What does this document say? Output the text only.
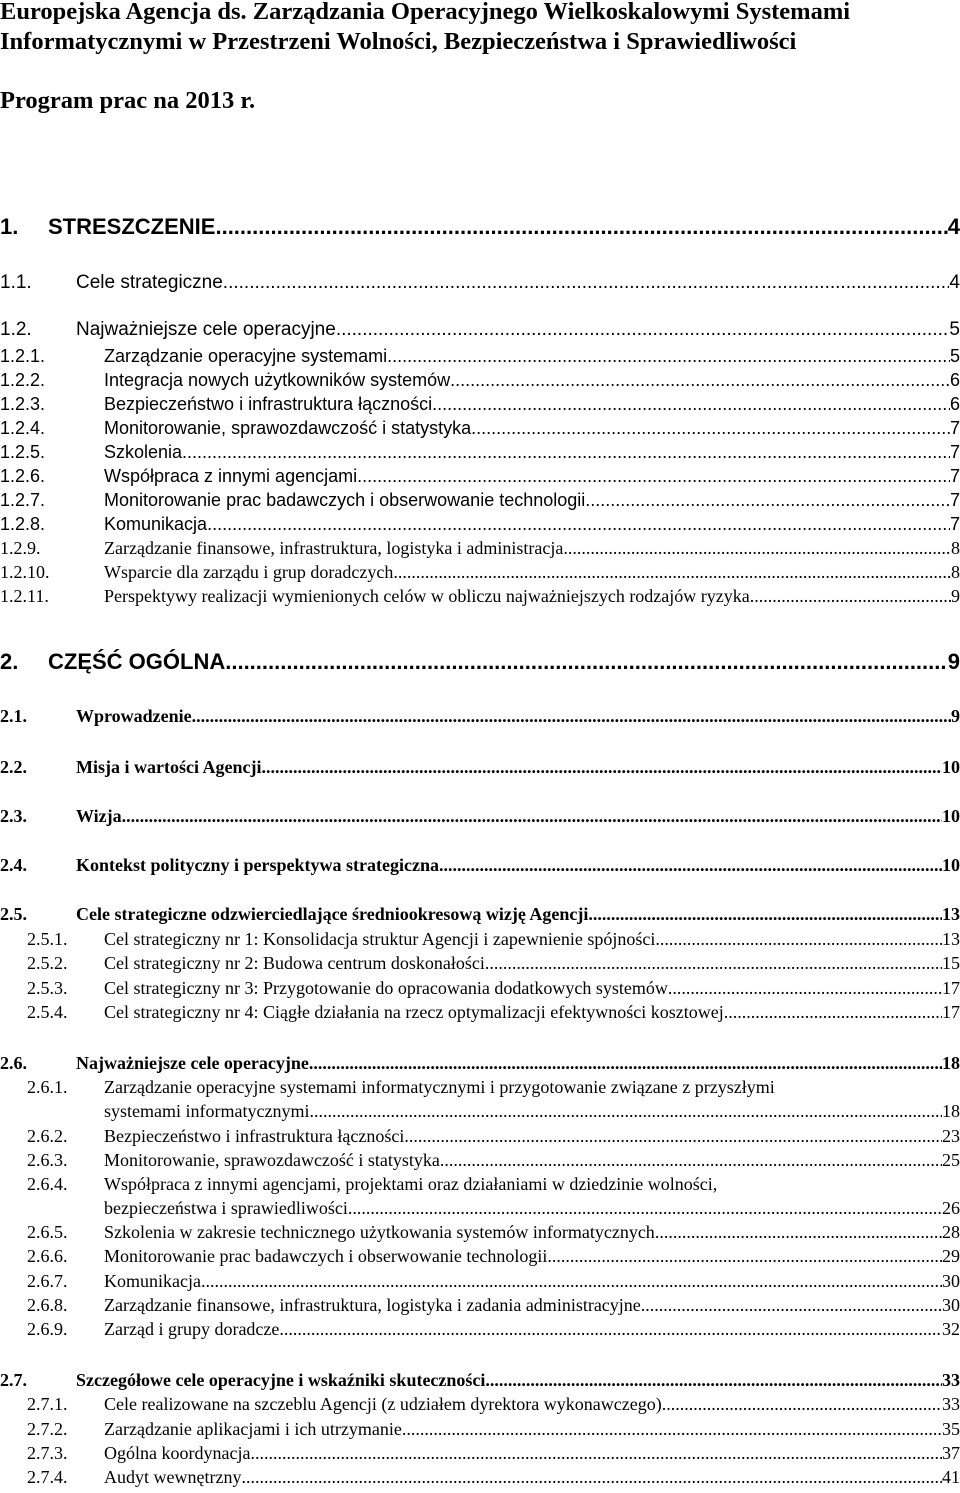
Europejska Agencja ds. Zarządzania Operacyjnego Wielkoskalowymi Systemami
Informatycznymi w Przestrzeni Wolności, Bezpieczeństwa i Sprawiedliwości
Program prac na 2013 r.
1.	STRESZCZENIE .....	4
1.1.	Cele strategiczne .....	4
1.2.	Najważniejsze cele operacyjne .....	5
1.2.1.	Zarządzanie operacyjne systemami .....	5
1.2.2.	Integracja nowych użytkowników systemów .....	6
1.2.3.	Bezpieczeństwo i infrastruktura łączności .....	6
1.2.4.	Monitorowanie, sprawozdawczość i statystyka .....	7
1.2.5.	Szkolenia .....	7
1.2.6.	Współpraca z innymi agencjami .....	7
1.2.7.	Monitorowanie prac badawczych i obserwowanie technologii .....	7
1.2.8.	Komunikacja .....	7
1.2.9.	Zarządzanie finansowe, infrastruktura, logistyka i administracja .....	8
1.2.10.	Wsparcie dla zarządu i grup doradczych .....	8
1.2.11.	Perspektywy realizacji wymienionych celów w obliczu najważniejszych rodzajów ryzyka .....	9
2.	CZĘŚĆ OGÓLNA .....	9
2.1.	Wprowadzenie .....	9
2.2.	Misja i wartości Agencji .....	10
2.3.	Wizja .....	10
2.4.	Kontekst polityczny i perspektywa strategiczna .....	10
2.5.	Cele strategiczne odzwierciedlające średniookresową wizję Agencji .....	13
2.5.1.	Cel strategiczny nr 1: Konsolidacja struktur Agencji i zapewnienie spójności .....	13
2.5.2.	Cel strategiczny nr 2: Budowa centrum doskonałości .....	15
2.5.3.	Cel strategiczny nr 3: Przygotowanie do opracowania dodatkowych systemów .....	17
2.5.4.	Cel strategiczny nr 4: Ciągłe działania na rzecz optymalizacji efektywności kosztowej .....	17
2.6.	Najważniejsze cele operacyjne .....	18
2.6.1.	Zarządzanie operacyjne systemami informatycznymi i przygotowanie związane z przyszłymi
systemami informatycznymi .....	18
2.6.2.	Bezpieczeństwo i infrastruktura łączności .....	23
2.6.3.	Monitorowanie, sprawozdawczość i statystyka .....	25
2.6.4.	Współpraca z innymi agencjami, projektami oraz działaniami w dziedzinie wolności,
bezpieczeństwa i sprawiedliwości .....	26
2.6.5.	Szkolenia w zakresie technicznego użytkowania systemów informatycznych .....	28
2.6.6.	Monitorowanie prac badawczych i obserwowanie technologii .....	29
2.6.7.	Komunikacja .....	30
2.6.8.	Zarządzanie finansowe, infrastruktura, logistyka i zadania administracyjne .....	30
2.6.9.	Zarząd i grupy doradcze .....	32
2.7.	Szczegółowe cele operacyjne i wskaźniki skuteczności .....	33
2.7.1.	Cele realizowane na szczeblu Agencji (z udziałem dyrektora wykonawczego) .....	33
2.7.2.	Zarządzanie aplikacjami i ich utrzymanie .....	35
2.7.3.	Ogólna koordynacja .....	37
2.7.4.	Audyt wewnętrzny .....	41
